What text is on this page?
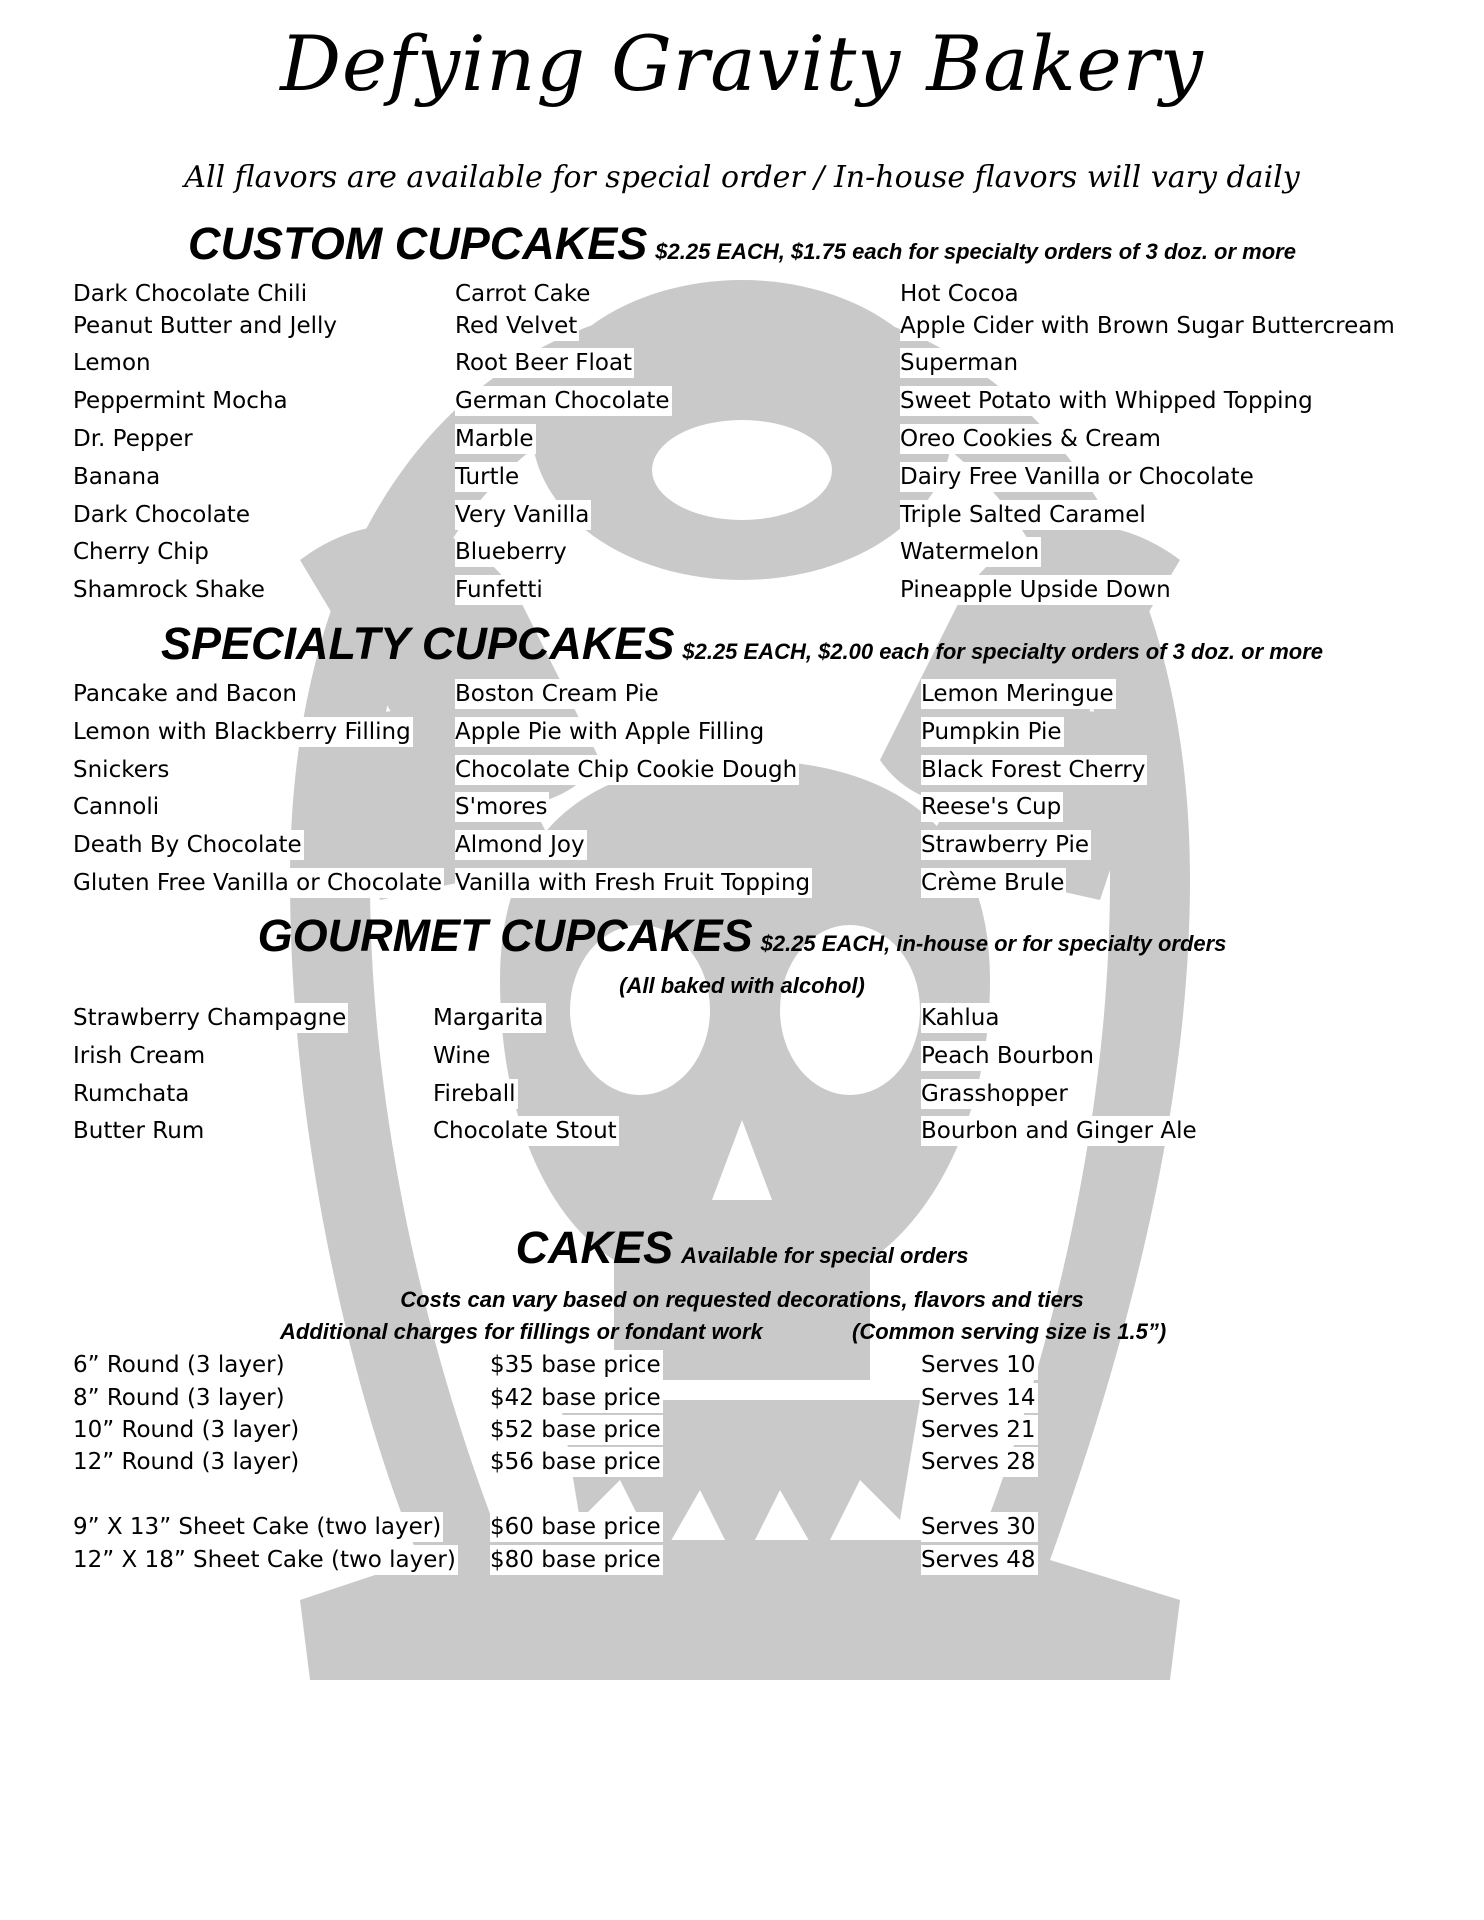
Defying Gravity Bakery
All flavors are available for special order / In-house flavors will vary daily
CUSTOM CUPCAKES $2.25 EACH, $1.75 each for specialty orders of 3 doz. or more
Dark Chocolate Chili
Peanut Butter and Jelly
Lemon
Peppermint Mocha
Dr. Pepper
Banana
Dark Chocolate
Cherry Chip
Shamrock Shake
Carrot Cake
Red Velvet
Root Beer Float
German Chocolate
Marble
Turtle
Very Vanilla
Blueberry
Funfetti
Hot Cocoa
Apple Cider with Brown Sugar Buttercream
Superman
Sweet Potato with Whipped Topping
Oreo Cookies & Cream
Dairy Free Vanilla or Chocolate
Triple Salted Caramel
Watermelon
Pineapple Upside Down
SPECIALTY CUPCAKES $2.25 EACH, $2.00 each for specialty orders of 3 doz. or more
Pancake and Bacon
Lemon with Blackberry Filling
Snickers
Cannoli
Death By Chocolate
Gluten Free Vanilla or Chocolate
Boston Cream Pie
Apple Pie with Apple Filling
Chocolate Chip Cookie Dough
S'mores
Almond Joy
Vanilla with Fresh Fruit Topping
Lemon Meringue
Pumpkin Pie
Black Forest Cherry
Reese's Cup
Strawberry Pie
Crème Brule
GOURMET CUPCAKES $2.25 EACH, in-house or for specialty orders
(All baked with alcohol)
Strawberry Champagne
Irish Cream
Rumchata
Butter Rum
Margarita
Wine
Fireball
Chocolate Stout
Kahlua
Peach Bourbon
Grasshopper
Bourbon and Ginger Ale
CAKES Available for special orders
Costs can vary based on requested decorations, flavors and tiers
Additional charges for fillings or fondant work	(Common serving size is 1.5”)
6” Round (3 layer)
8” Round (3 layer)
10” Round (3 layer)
12” Round (3 layer)
9” X 13” Sheet Cake (two layer)
12” X 18” Sheet Cake (two layer)
$35 base price
$42 base price
$52 base price
$56 base price
$60 base price
$80 base price
Serves 10
Serves 14
Serves 21
Serves 28
Serves 30
Serves 48
